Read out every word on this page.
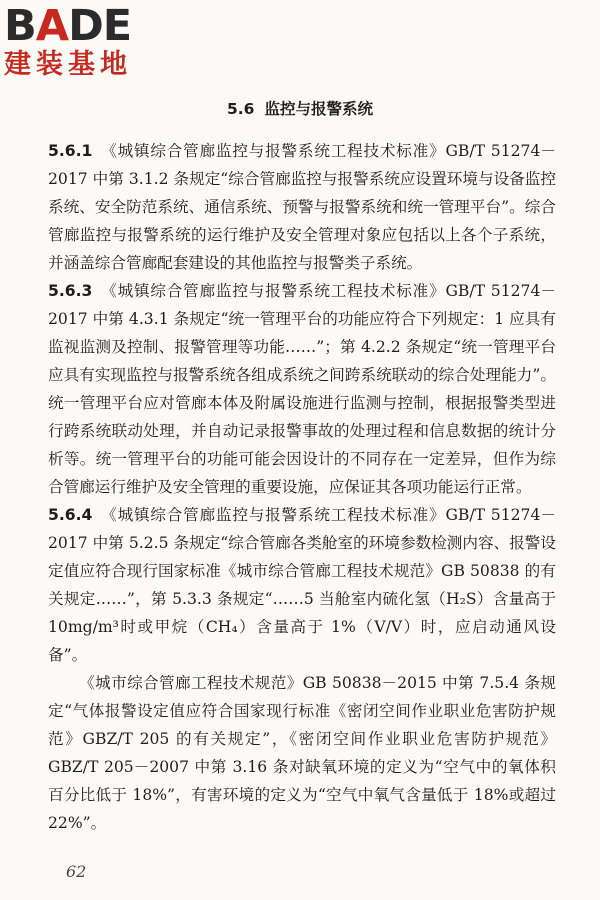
BADE
建装基地
5.6 监控与报警系统

5.6.1 《城镇综合管廊监控与报警系统工程技术标准》GB/T 51274－2017 中第 3.1.2 条规定“综合管廊监控与报警系统应设置环境与设备监控系统、安全防范系统、通信系统、预警与报警系统和统一管理平台”。综合管廊监控与报警系统的运行维护及安全管理对象应包括以上各个子系统，并涵盖综合管廊配套建设的其他监控与报警类子系统。

5.6.3 《城镇综合管廊监控与报警系统工程技术标准》GB/T 51274－2017 中第 4.3.1 条规定“统一管理平台的功能应符合下列规定：1 应具有监视监测及控制、报警管理等功能……”；第 4.2.2 条规定“统一管理平台应具有实现监控与报警系统各组成系统之间跨系统联动的综合处理能力”。统一管理平台应对管廊本体及附属设施进行监测与控制，根据报警类型进行跨系统联动处理，并自动记录报警事故的处理过程和信息数据的统计分析等。统一管理平台的功能可能会因设计的不同存在一定差异，但作为综合管廊运行维护及安全管理的重要设施，应保证其各项功能运行正常。

5.6.4 《城镇综合管廊监控与报警系统工程技术标准》GB/T 51274－2017 中第 5.2.5 条规定“综合管廊各类舱室的环境参数检测内容、报警设定值应符合现行国家标准《城市综合管廊工程技术规范》GB 50838 的有关规定……”，第 5.3.3 条规定“……5 当舱室内硫化氢（H₂S）含量高于 10mg/m³时或甲烷（CH₄）含量高于 1%（V/V）时，应启动通风设备”。

《城市综合管廊工程技术规范》GB 50838－2015 中第 7.5.4 条规定“气体报警设定值应符合国家现行标准《密闭空间作业职业危害防护规范》GBZ/T 205 的有关规定”，《密闭空间作业职业危害防护规范》GBZ/T 205－2007 中第 3.16 条对缺氧环境的定义为“空气中的氧体积百分比低于 18%”，有害环境的定义为“空气中氧气含量低于 18%或超过 22%”。

62
